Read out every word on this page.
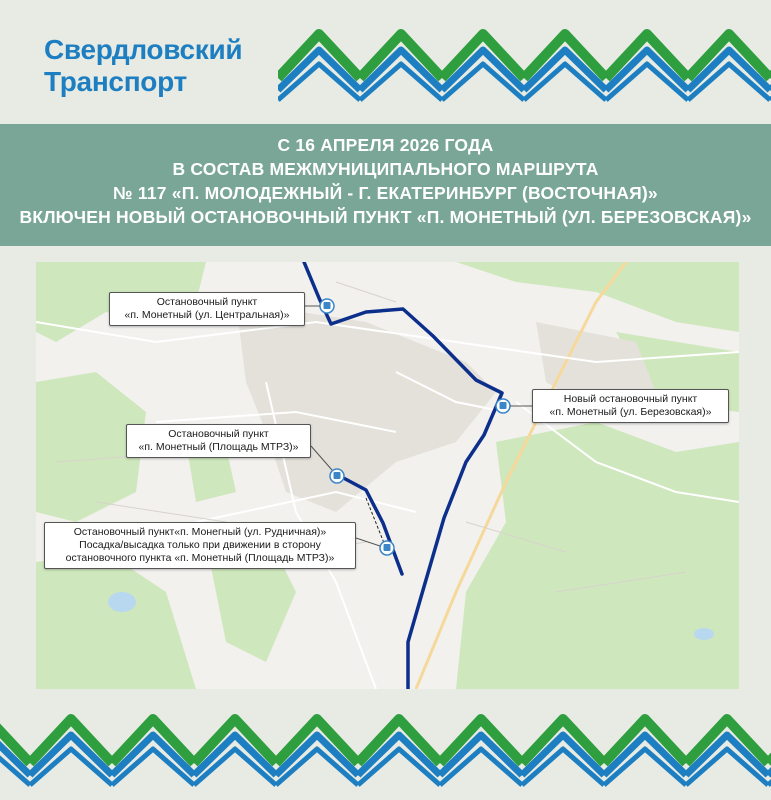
Свердловский
Транспорт
С 16 АПРЕЛЯ 2026 ГОДА
В СОСТАВ МЕЖМУНИЦИПАЛЬНОГО МАРШРУТА
№ 117 «П. МОЛОДЕЖНЫЙ - Г. ЕКАТЕРИНБУРГ (ВОСТОЧНАЯ)»
ВКЛЮЧЕН НОВЫЙ ОСТАНОВОЧНЫЙ ПУНКТ «П. МОНЕТНЫЙ (УЛ. БЕРЕЗОВСКАЯ)»
Остановочный пункт
«п. Монетный (ул. Центральная)»
Остановочный пункт
«п. Монетный (Площадь МТРЗ)»
Остановочный пункт«п. Монегный (ул. Рудничная)»
Посадка/высадка только при движении в сторону
остановочного пункта «п. Монетный (Площадь МТРЗ)»
Новый остановочный пункт
«п. Монетный (ул. Березовская)»
